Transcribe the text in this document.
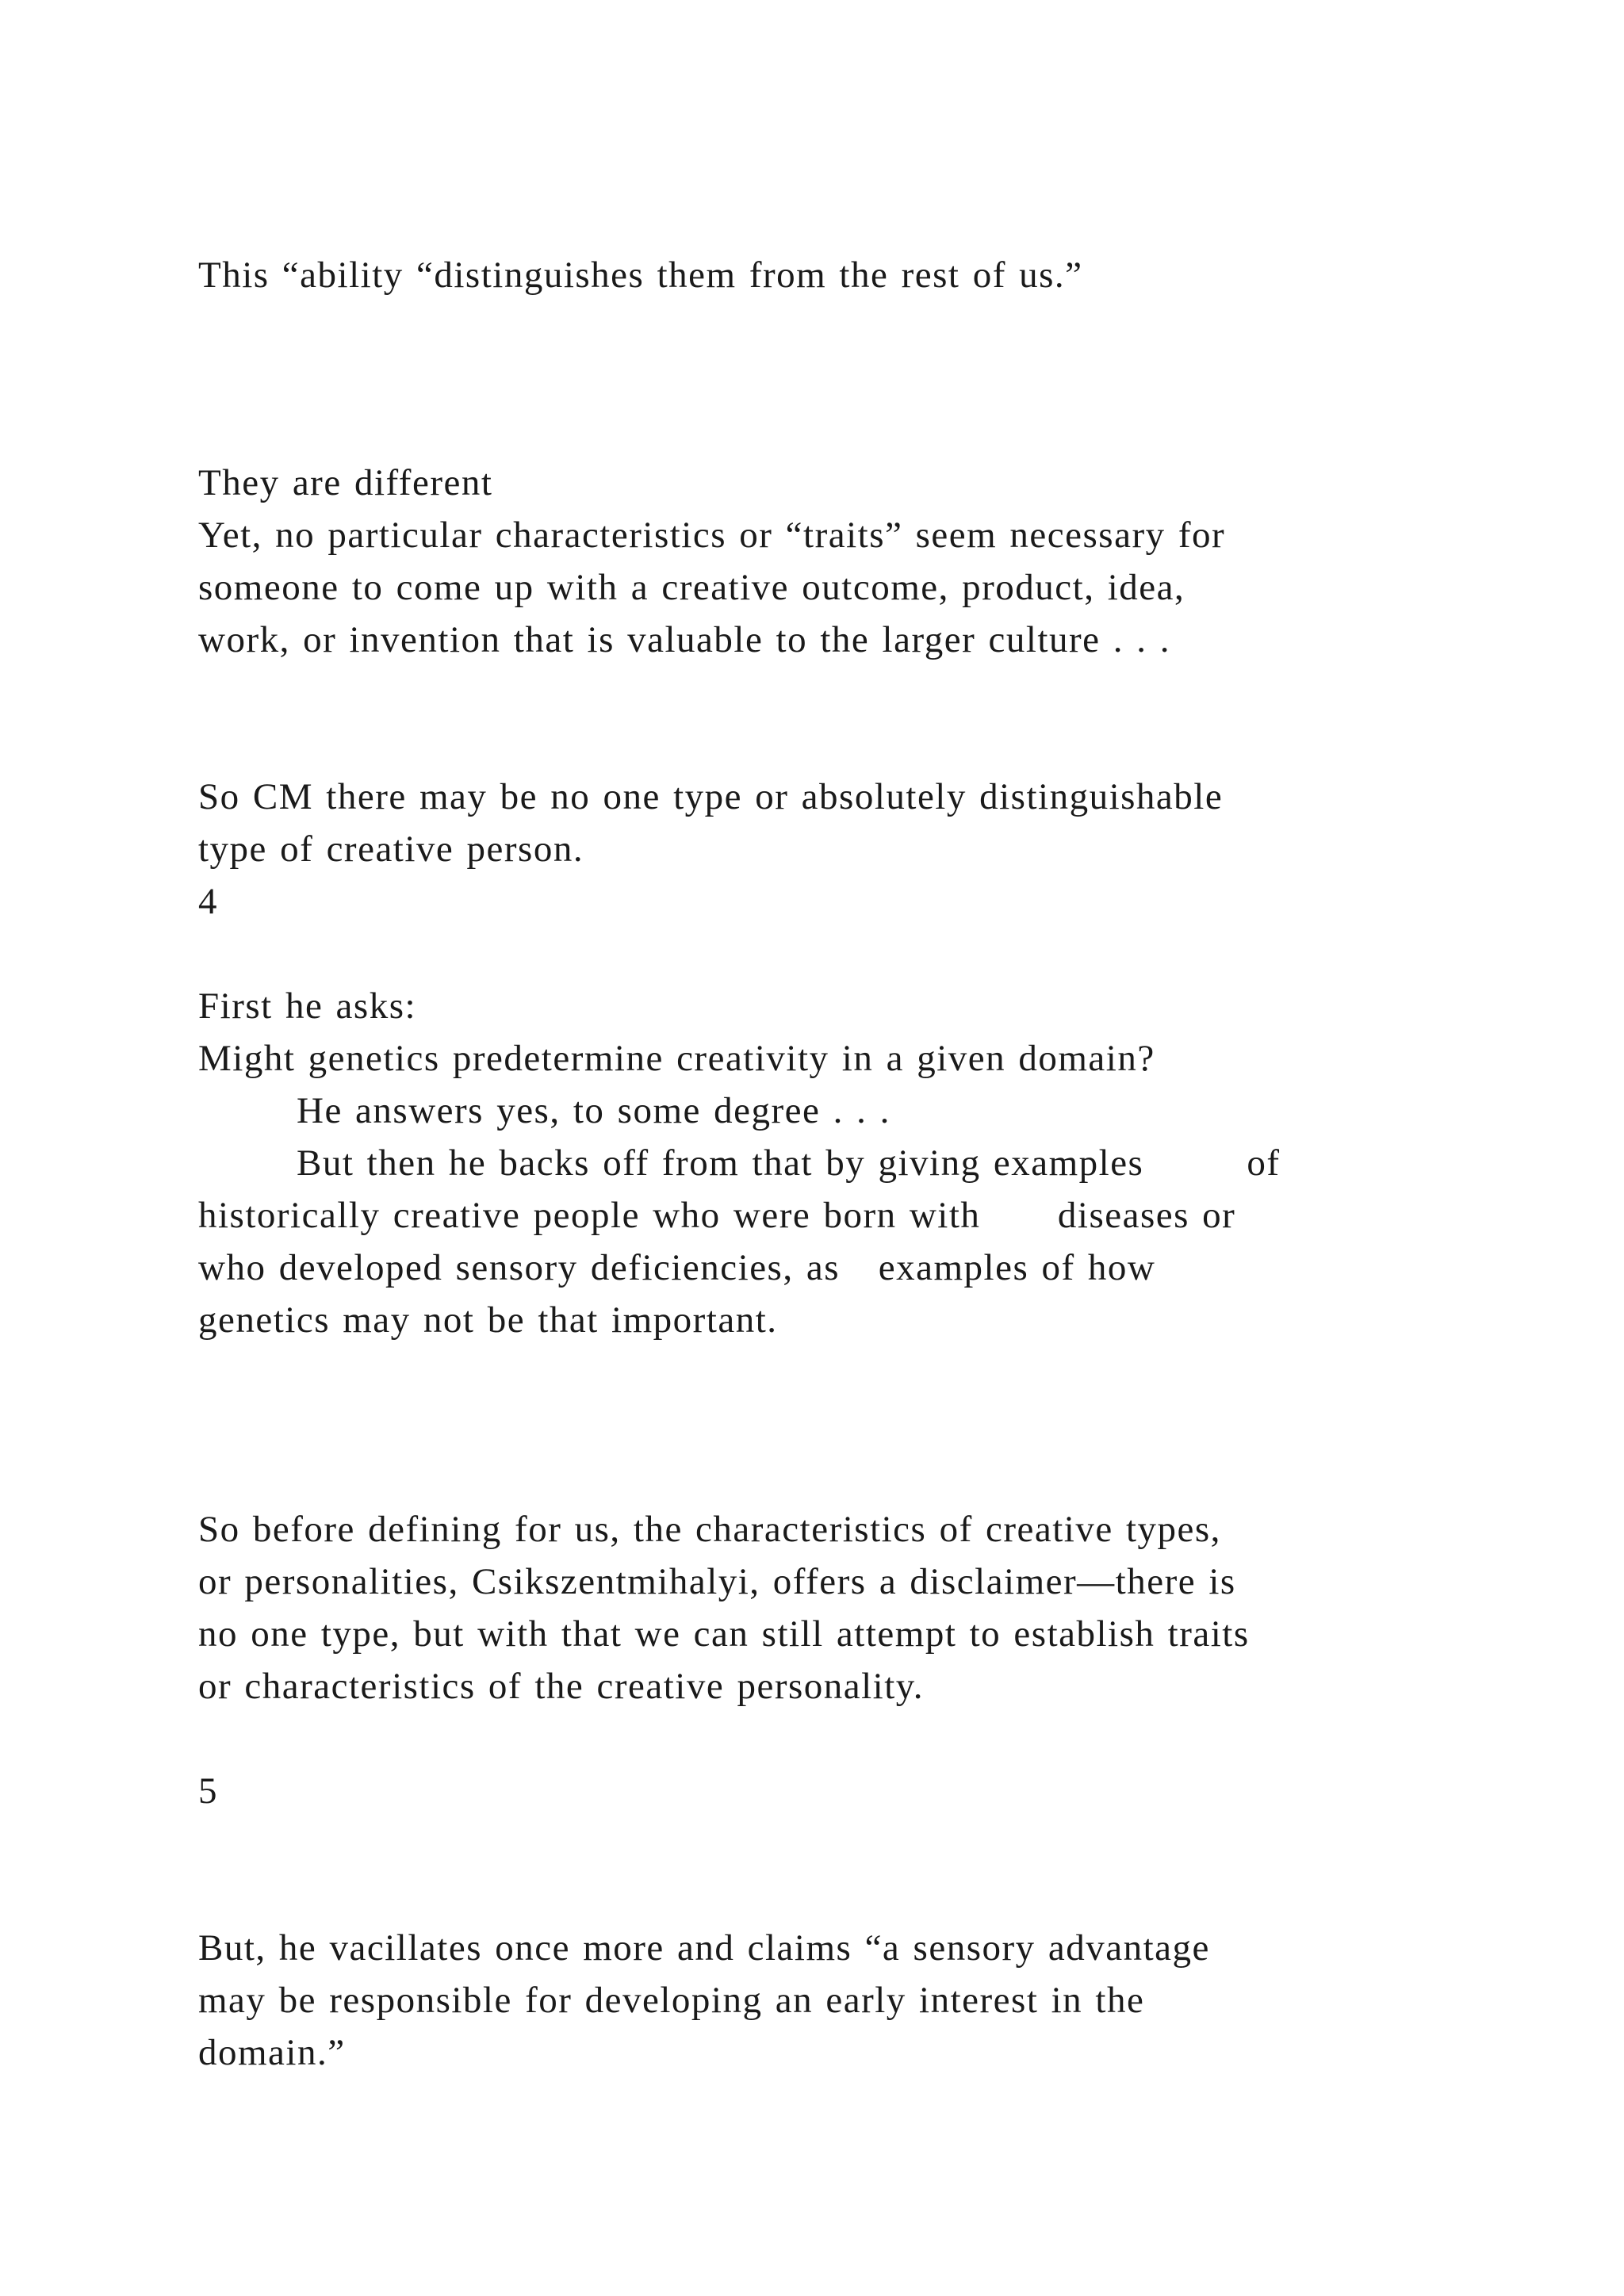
This “ability “distinguishes them from the rest of us.”
They are different
Yet, no particular characteristics or “traits” seem necessary for
someone to come up with a creative outcome, product, idea,
work, or invention that is valuable to the larger culture . . .
So CM there may be no one type or absolutely distinguishable
type of creative person.
4
First he asks:
Might genetics predetermine creativity in a given domain?
He answers yes, to some degree . . .
But then he backs off from that by giving examples        of
historically creative people who were born with      diseases or
who developed sensory deficiencies, as   examples of how
genetics may not be that important.
So before defining for us, the characteristics of creative types,
or personalities, Csikszentmihalyi, offers a disclaimer—there is
no one type, but with that we can still attempt to establish traits
or characteristics of the creative personality.
5
But, he vacillates once more and claims “a sensory advantage
may be responsible for developing an early interest in the
domain.”
